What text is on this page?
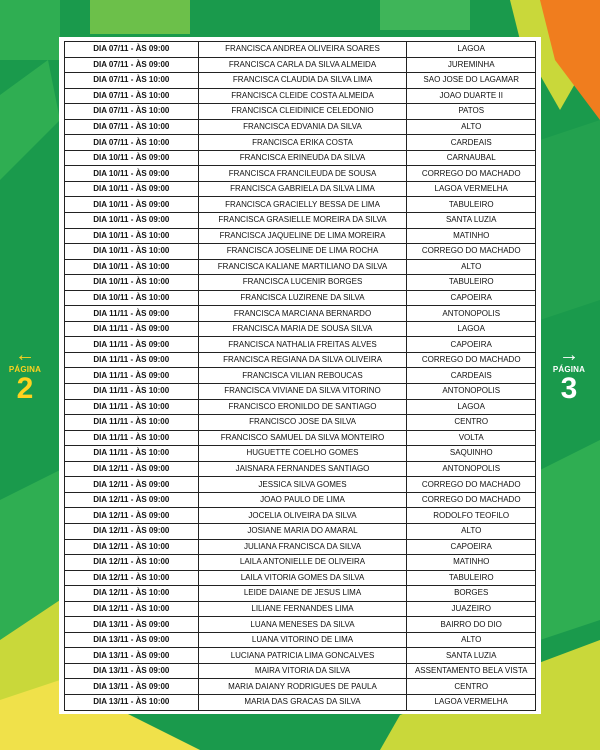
←
PÁGINA
2
→
PÁGINA
3
DIA 07/11 - ÀS 09:00	FRANCISCA ANDREA OLIVEIRA SOARES	LAGOA
DIA 07/11 - ÀS 09:00	FRANCISCA CARLA DA SILVA ALMEIDA	JUREMINHA
DIA 07/11 - ÀS 10:00	FRANCISCA CLAUDIA DA SILVA LIMA	SAO JOSE DO LAGAMAR
DIA 07/11 - ÀS 10:00	FRANCISCA CLEIDE COSTA ALMEIDA	JOAO DUARTE II
DIA 07/11 - ÀS 10:00	FRANCISCA CLEIDINICE CELEDONIO	PATOS
DIA 07/11 - ÀS 10:00	FRANCISCA EDVANIA DA SILVA	ALTO
DIA 07/11 - ÀS 10:00	FRANCISCA ERIKA COSTA	CARDEAIS
DIA 10/11 - ÀS 09:00	FRANCISCA ERINEUDA DA SILVA	CARNAUBAL
DIA 10/11 - ÀS 09:00	FRANCISCA FRANCILEUDA DE SOUSA	CORREGO DO MACHADO
DIA 10/11 - ÀS 09:00	FRANCISCA GABRIELA DA SILVA LIMA	LAGOA VERMELHA
DIA 10/11 - ÀS 09:00	FRANCISCA GRACIELLY BESSA DE LIMA	TABULEIRO
DIA 10/11 - ÀS 09:00	FRANCISCA GRASIELLE MOREIRA DA SILVA	SANTA LUZIA
DIA 10/11 - ÀS 10:00	FRANCISCA JAQUELINE DE LIMA MOREIRA	MATINHO
DIA 10/11 - ÀS 10:00	FRANCISCA JOSELINE DE LIMA ROCHA	CORREGO DO MACHADO
DIA 10/11 - ÀS 10:00	FRANCISCA KALIANE MARTILIANO DA SILVA	ALTO
DIA 10/11 - ÀS 10:00	FRANCISCA LUCENIR BORGES	TABULEIRO
DIA 10/11 - ÀS 10:00	FRANCISCA LUZIRENE DA SILVA	CAPOEIRA
DIA 11/11 - ÀS 09:00	FRANCISCA MARCIANA BERNARDO	ANTONOPOLIS
DIA 11/11 - ÀS 09:00	FRANCISCA MARIA DE SOUSA SILVA	LAGOA
DIA 11/11 - ÀS 09:00	FRANCISCA NATHALIA FREITAS ALVES	CAPOEIRA
DIA 11/11 - ÀS 09:00	FRANCISCA REGIANA DA SILVA OLIVEIRA	CORREGO DO MACHADO
DIA 11/11 - ÀS 09:00	FRANCISCA VILIAN REBOUCAS	CARDEAIS
DIA 11/11 - ÀS 10:00	FRANCISCA VIVIANE DA SILVA VITORINO	ANTONOPOLIS
DIA 11/11 - ÀS 10:00	FRANCISCO ERONILDO DE SANTIAGO	LAGOA
DIA 11/11 - ÀS 10:00	FRANCISCO JOSE DA SILVA	CENTRO
DIA 11/11 - ÀS 10:00	FRANCISCO SAMUEL DA SILVA MONTEIRO	VOLTA
DIA 11/11 - ÀS 10:00	HUGUETTE COELHO GOMES	SAQUINHO
DIA 12/11 - ÀS 09:00	JAISNARA FERNANDES SANTIAGO	ANTONOPOLIS
DIA 12/11 - ÀS 09:00	JESSICA SILVA GOMES	CORREGO DO MACHADO
DIA 12/11 - ÀS 09:00	JOAO PAULO DE LIMA	CORREGO DO MACHADO
DIA 12/11 - ÀS 09:00	JOCELIA OLIVEIRA DA SILVA	RODOLFO TEOFILO
DIA 12/11 - ÀS 09:00	JOSIANE MARIA DO AMARAL	ALTO
DIA 12/11 - ÀS 10:00	JULIANA FRANCISCA DA SILVA	CAPOEIRA
DIA 12/11 - ÀS 10:00	LAILA ANTONIELLE DE OLIVEIRA	MATINHO
DIA 12/11 - ÀS 10:00	LAILA VITORIA GOMES DA SILVA	TABULEIRO
DIA 12/11 - ÀS 10:00	LEIDE DAIANE DE JESUS LIMA	BORGES
DIA 12/11 - ÀS 10:00	LILIANE FERNANDES LIMA	JUAZEIRO
DIA 13/11 - ÀS 09:00	LUANA MENESES DA SILVA	BAIRRO DO DIO
DIA 13/11 - ÀS 09:00	LUANA VITORINO DE LIMA	ALTO
DIA 13/11 - ÀS 09:00	LUCIANA PATRICIA LIMA GONCALVES	SANTA LUZIA
DIA 13/11 - ÀS 09:00	MAIRA VITORIA DA SILVA	ASSENTAMENTO BELA VISTA
DIA 13/11 - ÀS 09:00	MARIA DAIANY RODRIGUES DE PAULA	CENTRO
DIA 13/11 - ÀS 10:00	MARIA DAS GRACAS DA SILVA	LAGOA VERMELHA
